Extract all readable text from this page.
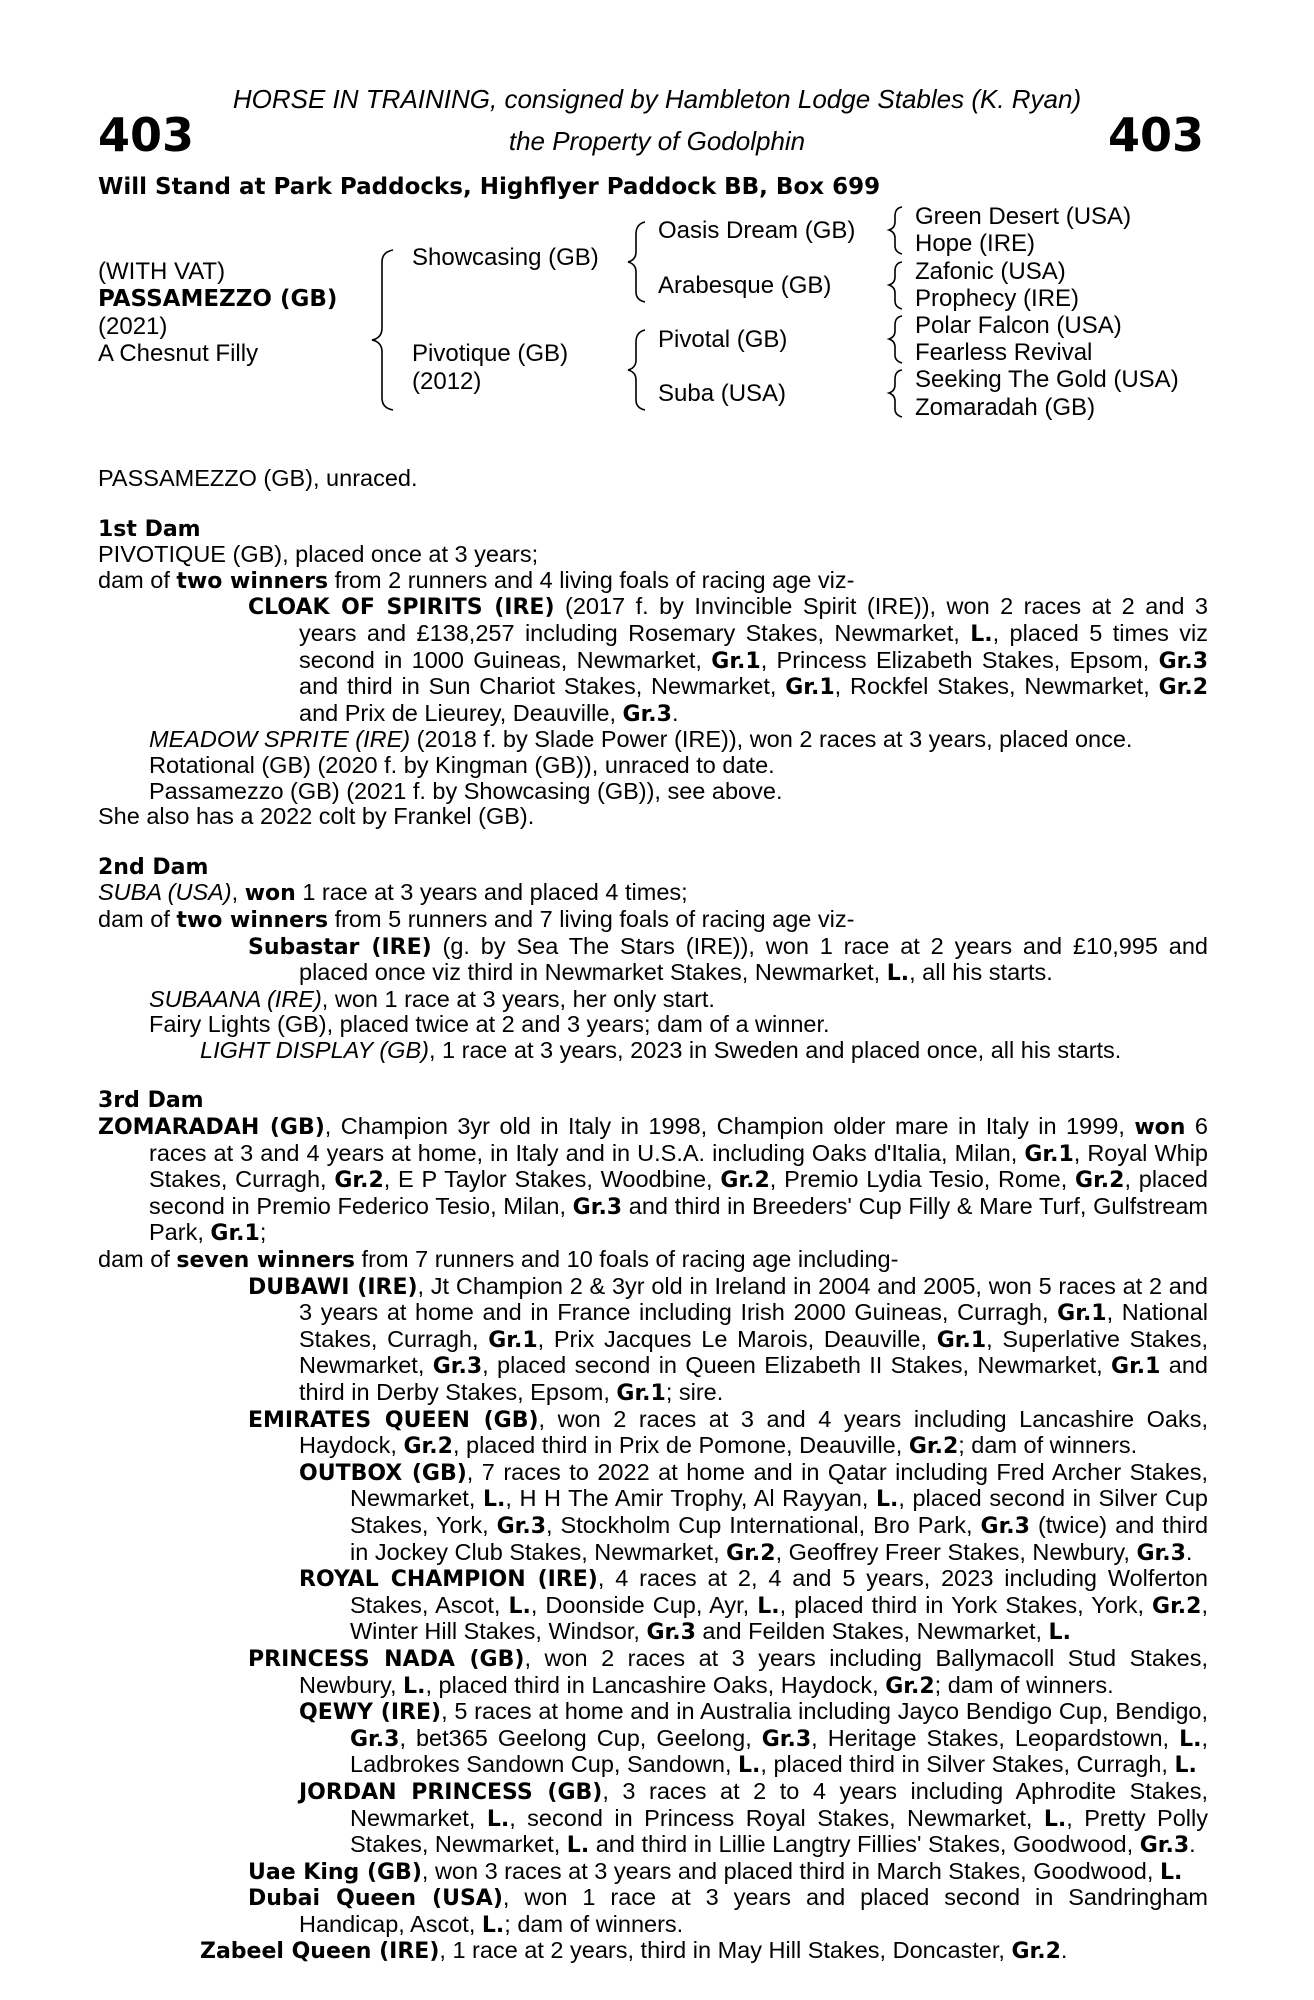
403	403
HORSE IN TRAINING, consigned by Hambleton Lodge Stables (K. Ryan)
the Property of Godolphin
Will Stand at Park Paddocks, Highflyer Paddock BB, Box 699
(WITH VAT)
PASSAMEZZO (GB)
(2021)
A Chesnut Filly
Showcasing (GB)
Pivotique (GB)
(2012)
Oasis Dream (GB)
Arabesque (GB)
Pivotal (GB)
Suba (USA)
Green Desert (USA)
Hope (IRE)
Zafonic (USA)
Prophecy (IRE)
Polar Falcon (USA)
Fearless Revival
Seeking The Gold (USA)
Zomaradah (GB)

PASSAMEZZO (GB), unraced.

1st Dam

PIVOTIQUE (GB), placed once at 3 years;

dam of two winners from 2 runners and 4 living foals of racing age viz-

CLOAK OF SPIRITS (IRE) (2017 f. by Invincible Spirit (IRE)), won 2 races at 2 and 3 years and £138,257 including Rosemary Stakes, Newmarket, L., placed 5 times viz second in 1000 Guineas, Newmarket, Gr.1, Princess Elizabeth Stakes, Epsom, Gr.3 and third in Sun Chariot Stakes, Newmarket, Gr.1, Rockfel Stakes, Newmarket, Gr.2 and Prix de Lieurey, Deauville, Gr.3.

MEADOW SPRITE (IRE) (2018 f. by Slade Power (IRE)), won 2 races at 3 years, placed once.

Rotational (GB) (2020 f. by Kingman (GB)), unraced to date.

Passamezzo (GB) (2021 f. by Showcasing (GB)), see above.

She also has a 2022 colt by Frankel (GB).

2nd Dam

SUBA (USA), won 1 race at 3 years and placed 4 times;

dam of two winners from 5 runners and 7 living foals of racing age viz-

Subastar (IRE) (g. by Sea The Stars (IRE)), won 1 race at 2 years and £10,995 and placed once viz third in Newmarket Stakes, Newmarket, L., all his starts.

SUBAANA (IRE), won 1 race at 3 years, her only start.

Fairy Lights (GB), placed twice at 2 and 3 years; dam of a winner.

LIGHT DISPLAY (GB), 1 race at 3 years, 2023 in Sweden and placed once, all his starts.

3rd Dam

ZOMARADAH (GB), Champion 3yr old in Italy in 1998, Champion older mare in Italy in 1999, won 6 races at 3 and 4 years at home, in Italy and in U.S.A. including Oaks d'Italia, Milan, Gr.1, Royal Whip Stakes, Curragh, Gr.2, E P Taylor Stakes, Woodbine, Gr.2, Premio Lydia Tesio, Rome, Gr.2, placed second in Premio Federico Tesio, Milan, Gr.3 and third in Breeders' Cup Filly & Mare Turf, Gulfstream Park, Gr.1;

dam of seven winners from 7 runners and 10 foals of racing age including-

DUBAWI (IRE), Jt Champion 2 & 3yr old in Ireland in 2004 and 2005, won 5 races at 2 and 3 years at home and in France including Irish 2000 Guineas, Curragh, Gr.1, National Stakes, Curragh, Gr.1, Prix Jacques Le Marois, Deauville, Gr.1, Superlative Stakes, Newmarket, Gr.3, placed second in Queen Elizabeth II Stakes, Newmarket, Gr.1 and third in Derby Stakes, Epsom, Gr.1; sire.

EMIRATES QUEEN (GB), won 2 races at 3 and 4 years including Lancashire Oaks, Haydock, Gr.2, placed third in Prix de Pomone, Deauville, Gr.2; dam of winners.

OUTBOX (GB), 7 races to 2022 at home and in Qatar including Fred Archer Stakes, Newmarket, L., H H The Amir Trophy, Al Rayyan, L., placed second in Silver Cup Stakes, York, Gr.3, Stockholm Cup International, Bro Park, Gr.3 (twice) and third in Jockey Club Stakes, Newmarket, Gr.2, Geoffrey Freer Stakes, Newbury, Gr.3.

ROYAL CHAMPION (IRE), 4 races at 2, 4 and 5 years, 2023 including Wolferton Stakes, Ascot, L., Doonside Cup, Ayr, L., placed third in York Stakes, York, Gr.2, Winter Hill Stakes, Windsor, Gr.3 and Feilden Stakes, Newmarket, L.

PRINCESS NADA (GB), won 2 races at 3 years including Ballymacoll Stud Stakes, Newbury, L., placed third in Lancashire Oaks, Haydock, Gr.2; dam of winners.

QEWY (IRE), 5 races at home and in Australia including Jayco Bendigo Cup, Bendigo, Gr.3, bet365 Geelong Cup, Geelong, Gr.3, Heritage Stakes, Leopardstown, L., Ladbrokes Sandown Cup, Sandown, L., placed third in Silver Stakes, Curragh, L.

JORDAN PRINCESS (GB), 3 races at 2 to 4 years including Aphrodite Stakes, Newmarket, L., second in Princess Royal Stakes, Newmarket, L., Pretty Polly Stakes, Newmarket, L. and third in Lillie Langtry Fillies' Stakes, Goodwood, Gr.3.

Uae King (GB), won 3 races at 3 years and placed third in March Stakes, Goodwood, L.

Dubai Queen (USA), won 1 race at 3 years and placed second in Sandringham Handicap, Ascot, L.; dam of winners.

Zabeel Queen (IRE), 1 race at 2 years, third in May Hill Stakes, Doncaster, Gr.2.
